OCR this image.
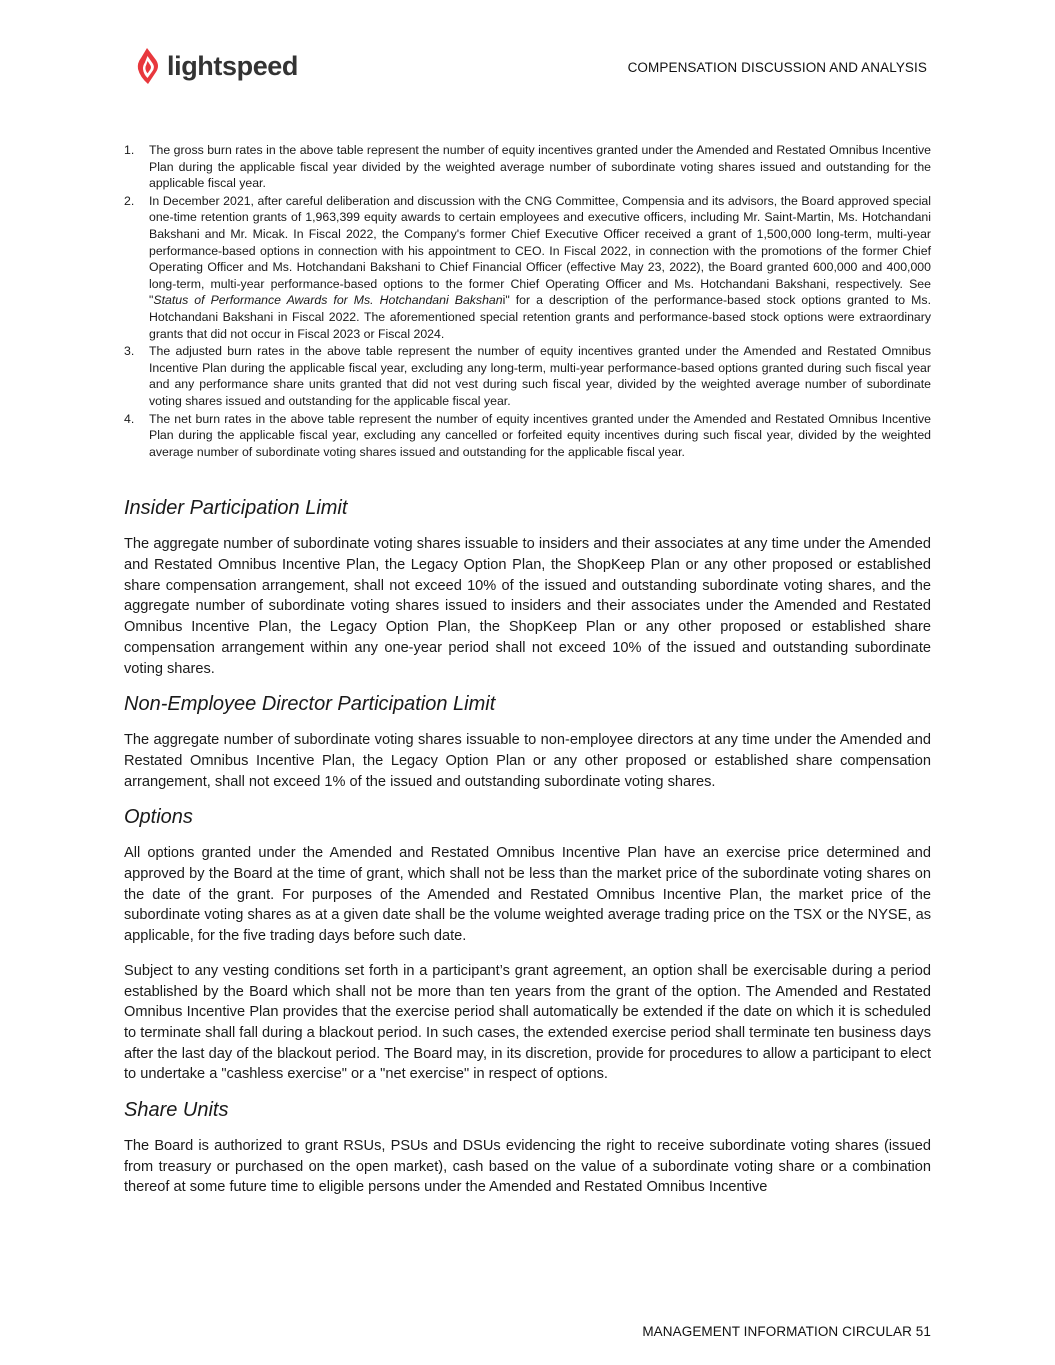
lightspeed	COMPENSATION DISCUSSION AND ANALYSIS
1. The gross burn rates in the above table represent the number of equity incentives granted under the Amended and Restated Omnibus Incentive Plan during the applicable fiscal year divided by the weighted average number of subordinate voting shares issued and outstanding for the applicable fiscal year.
2. In December 2021, after careful deliberation and discussion with the CNG Committee, Compensia and its advisors, the Board approved special one-time retention grants of 1,963,399 equity awards to certain employees and executive officers, including Mr. Saint-Martin, Ms. Hotchandani Bakshani and Mr. Micak. In Fiscal 2022, the Company's former Chief Executive Officer received a grant of 1,500,000 long-term, multi-year performance-based options in connection with his appointment to CEO. In Fiscal 2022, in connection with the promotions of the former Chief Operating Officer and Ms. Hotchandani Bakshani to Chief Financial Officer (effective May 23, 2022), the Board granted 600,000 and 400,000 long-term, multi-year performance-based options to the former Chief Operating Officer and Ms. Hotchandani Bakshani, respectively. See "Status of Performance Awards for Ms. Hotchandani Bakshani" for a description of the performance-based stock options granted to Ms. Hotchandani Bakshani in Fiscal 2022. The aforementioned special retention grants and performance-based stock options were extraordinary grants that did not occur in Fiscal 2023 or Fiscal 2024.
3. The adjusted burn rates in the above table represent the number of equity incentives granted under the Amended and Restated Omnibus Incentive Plan during the applicable fiscal year, excluding any long-term, multi-year performance-based options granted during such fiscal year and any performance share units granted that did not vest during such fiscal year, divided by the weighted average number of subordinate voting shares issued and outstanding for the applicable fiscal year.
4. The net burn rates in the above table represent the number of equity incentives granted under the Amended and Restated Omnibus Incentive Plan during the applicable fiscal year, excluding any cancelled or forfeited equity incentives during such fiscal year, divided by the weighted average number of subordinate voting shares issued and outstanding for the applicable fiscal year.
Insider Participation Limit

The aggregate number of subordinate voting shares issuable to insiders and their associates at any time under the Amended and Restated Omnibus Incentive Plan, the Legacy Option Plan, the ShopKeep Plan or any other proposed or established share compensation arrangement, shall not exceed 10% of the issued and outstanding subordinate voting shares, and the aggregate number of subordinate voting shares issued to insiders and their associates under the Amended and Restated Omnibus Incentive Plan, the Legacy Option Plan, the ShopKeep Plan or any other proposed or established share compensation arrangement within any one-year period shall not exceed 10% of the issued and outstanding subordinate voting shares.

Non-Employee Director Participation Limit

The aggregate number of subordinate voting shares issuable to non-employee directors at any time under the Amended and Restated Omnibus Incentive Plan, the Legacy Option Plan or any other proposed or established share compensation arrangement, shall not exceed 1% of the issued and outstanding subordinate voting shares.

Options

All options granted under the Amended and Restated Omnibus Incentive Plan have an exercise price determined and approved by the Board at the time of grant, which shall not be less than the market price of the subordinate voting shares on the date of the grant. For purposes of the Amended and Restated Omnibus Incentive Plan, the market price of the subordinate voting shares as at a given date shall be the volume weighted average trading price on the TSX or the NYSE, as applicable, for the five trading days before such date.

Subject to any vesting conditions set forth in a participant’s grant agreement, an option shall be exercisable during a period established by the Board which shall not be more than ten years from the grant of the option. The Amended and Restated Omnibus Incentive Plan provides that the exercise period shall automatically be extended if the date on which it is scheduled to terminate shall fall during a blackout period. In such cases, the extended exercise period shall terminate ten business days after the last day of the blackout period. The Board may, in its discretion, provide for procedures to allow a participant to elect to undertake a "cashless exercise" or a "net exercise" in respect of options.

Share Units

The Board is authorized to grant RSUs, PSUs and DSUs evidencing the right to receive subordinate voting shares (issued from treasury or purchased on the open market), cash based on the value of a subordinate voting share or a combination thereof at some future time to eligible persons under the Amended and Restated Omnibus Incentive

MANAGEMENT INFORMATION CIRCULAR 51
